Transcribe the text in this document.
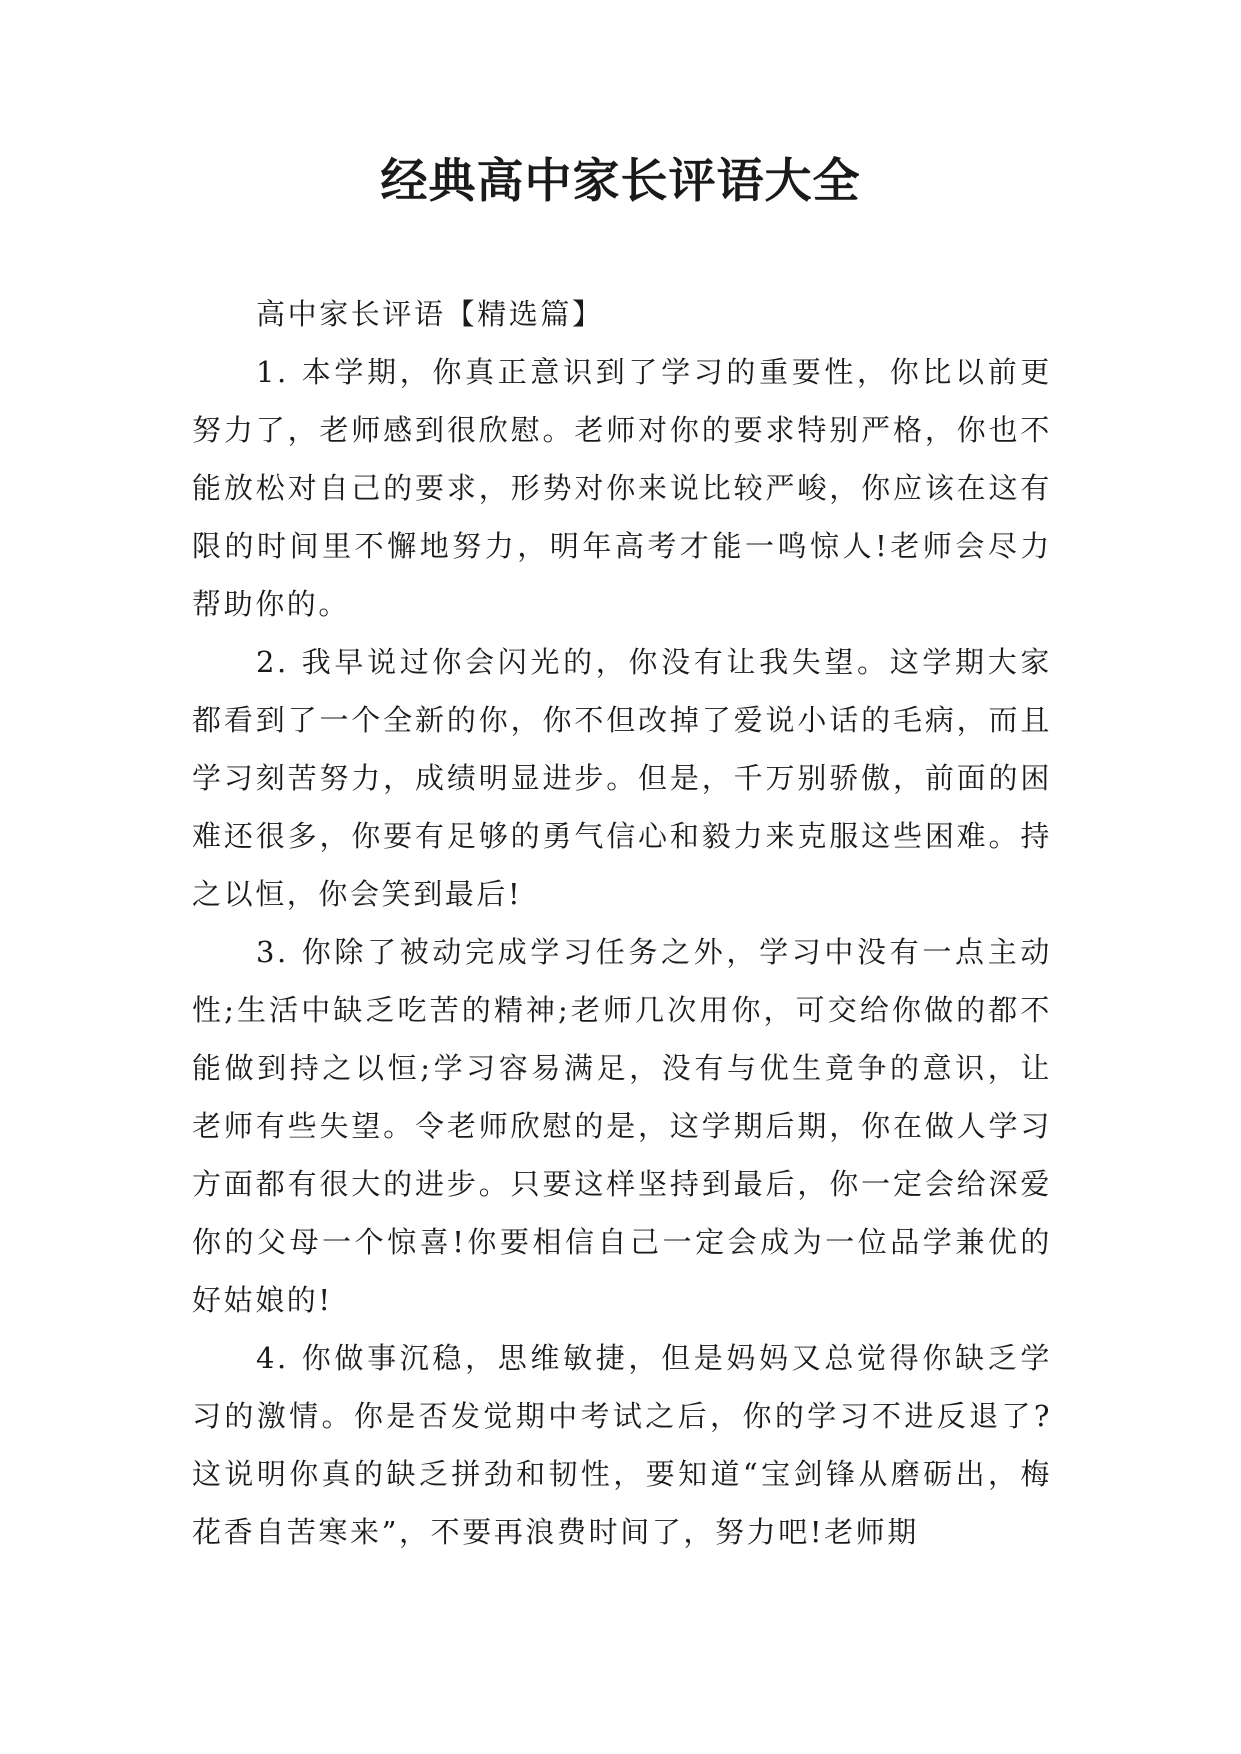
经典高中家长评语大全

高中家长评语【精选篇】

1. 本学期，你真正意识到了学习的重要性，你比以前更努力了，老师感到很欣慰。老师对你的要求特别严格，你也不能放松对自己的要求，形势对你来说比较严峻，你应该在这有限的时间里不懈地努力，明年高考才能一鸣惊人!老师会尽力帮助你的。

2. 我早说过你会闪光的，你没有让我失望。这学期大家都看到了一个全新的你，你不但改掉了爱说小话的毛病，而且学习刻苦努力，成绩明显进步。但是，千万别骄傲，前面的困难还很多，你要有足够的勇气信心和毅力来克服这些困难。持之以恒，你会笑到最后!

3. 你除了被动完成学习任务之外，学习中没有一点主动性;生活中缺乏吃苦的精神;老师几次用你，可交给你做的都不能做到持之以恒;学习容易满足，没有与优生竟争的意识，让老师有些失望。令老师欣慰的是，这学期后期，你在做人学习方面都有很大的进步。只要这样坚持到最后，你一定会给深爱你的父母一个惊喜!你要相信自己一定会成为一位品学兼优的好姑娘的!

4. 你做事沉稳，思维敏捷，但是妈妈又总觉得你缺乏学习的激情。你是否发觉期中考试之后，你的学习不进反退了?这说明你真的缺乏拼劲和韧性，要知道“宝剑锋从磨砺出，梅花香自苦寒来”，不要再浪费时间了，努力吧!老师期
